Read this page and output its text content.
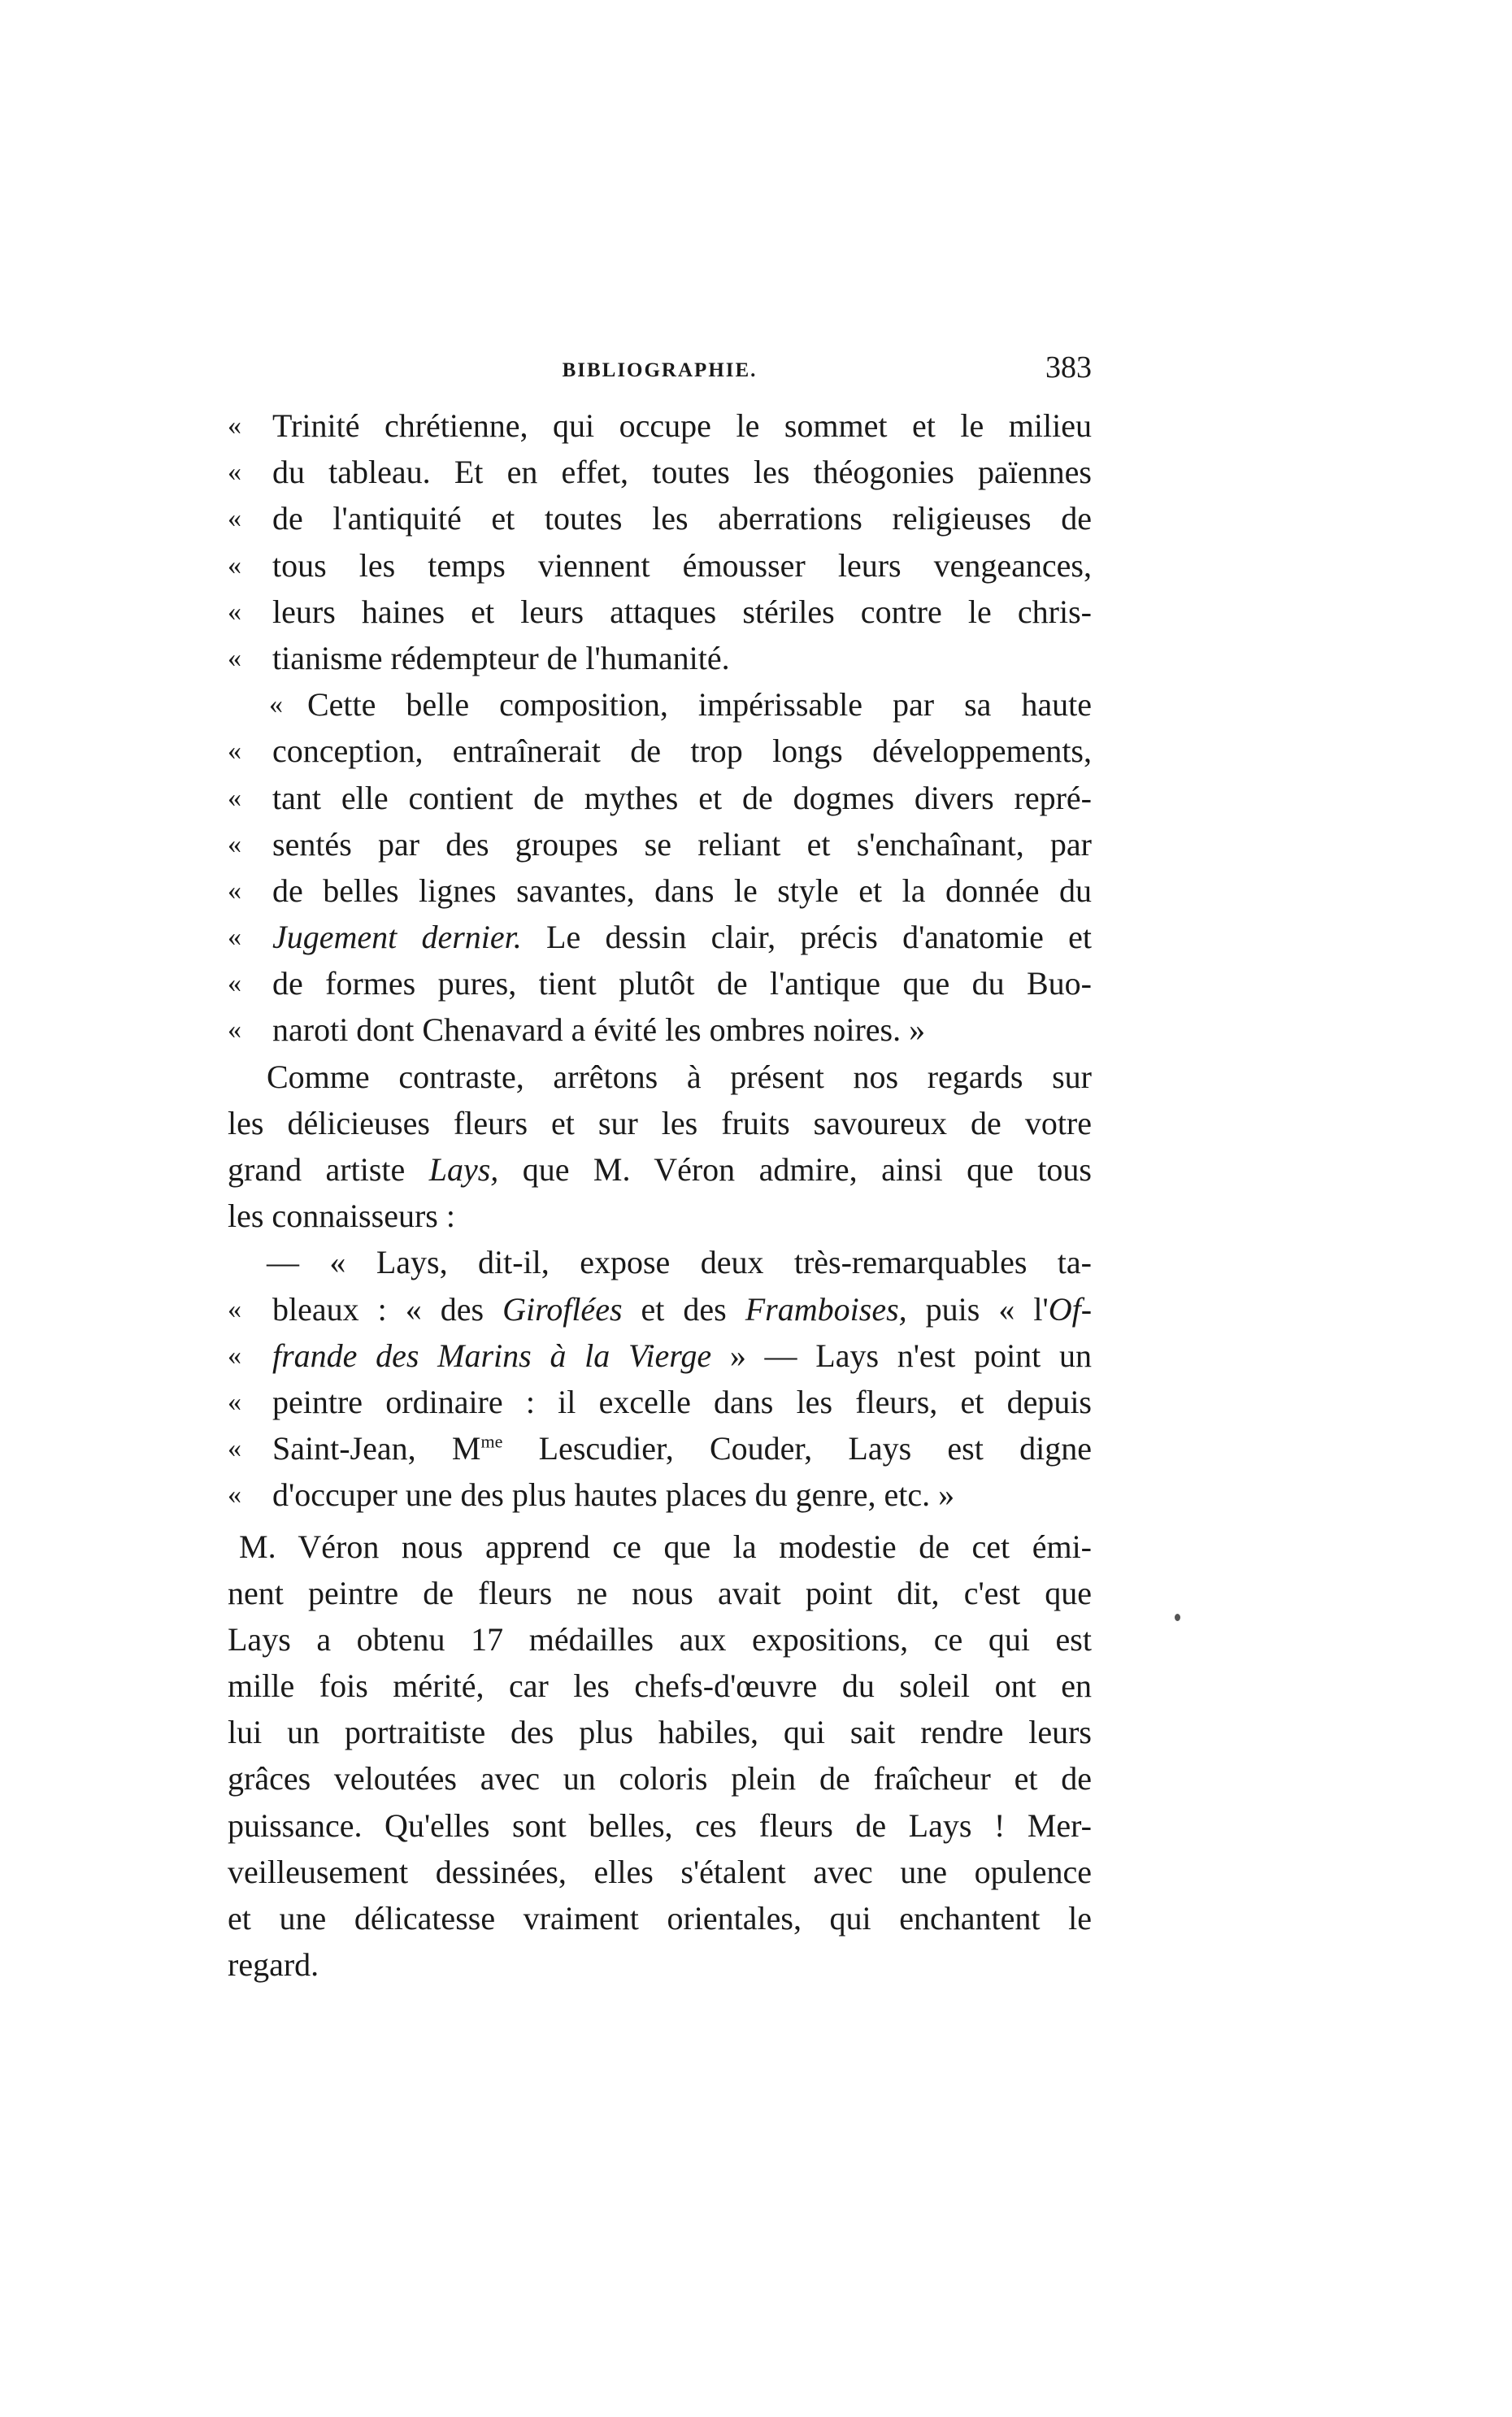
BIBLIOGRAPHIE.	383
« Trinité chrétienne, qui occupe le sommet et le milieu
« du tableau. Et en effet, toutes les théogonies païennes
« de l'antiquité et toutes les aberrations religieuses de
« tous les temps viennent émousser leurs vengeances,
« leurs haines et leurs attaques stériles contre le chris-
« tianisme rédempteur de l'humanité.
« Cette belle composition, impérissable par sa haute
« conception, entraînerait de trop longs développements,
« tant elle contient de mythes et de dogmes divers repré-
« sentés par des groupes se reliant et s'enchaînant, par
« de belles lignes savantes, dans le style et la donnée du
« Jugement dernier. Le dessin clair, précis d'anatomie et
« de formes pures, tient plutôt de l'antique que du Buo-
« naroti dont Chenavard a évité les ombres noires. »
Comme contraste, arrêtons à présent nos regards sur
les délicieuses fleurs et sur les fruits savoureux de votre
grand artiste Lays, que M. Véron admire, ainsi que tous
les connaisseurs :
— « Lays, dit-il, expose deux très-remarquables ta-
« bleaux : « des Giroflées et des Framboises, puis « l'Of-
« frande des Marins à la Vierge » — Lays n'est point un
« peintre ordinaire : il excelle dans les fleurs, et depuis
« Saint-Jean, $M^{me}$ Lescudier, Couder, Lays est digne
« d'occuper une des plus hautes places du genre, etc. »
M. Véron nous apprend ce que la modestie de cet émi-
nent peintre de fleurs ne nous avait point dit, c'est que
Lays a obtenu 17 médailles aux expositions, ce qui est
mille fois mérité, car les chefs-d'œuvre du soleil ont en
lui un portraitiste des plus habiles, qui sait rendre leurs
grâces veloutées avec un coloris plein de fraîcheur et de
puissance. Qu'elles sont belles, ces fleurs de Lays ! Mer-
veilleusement dessinées, elles s'étalent avec une opulence
et une délicatesse vraiment orientales, qui enchantent le
regard.
